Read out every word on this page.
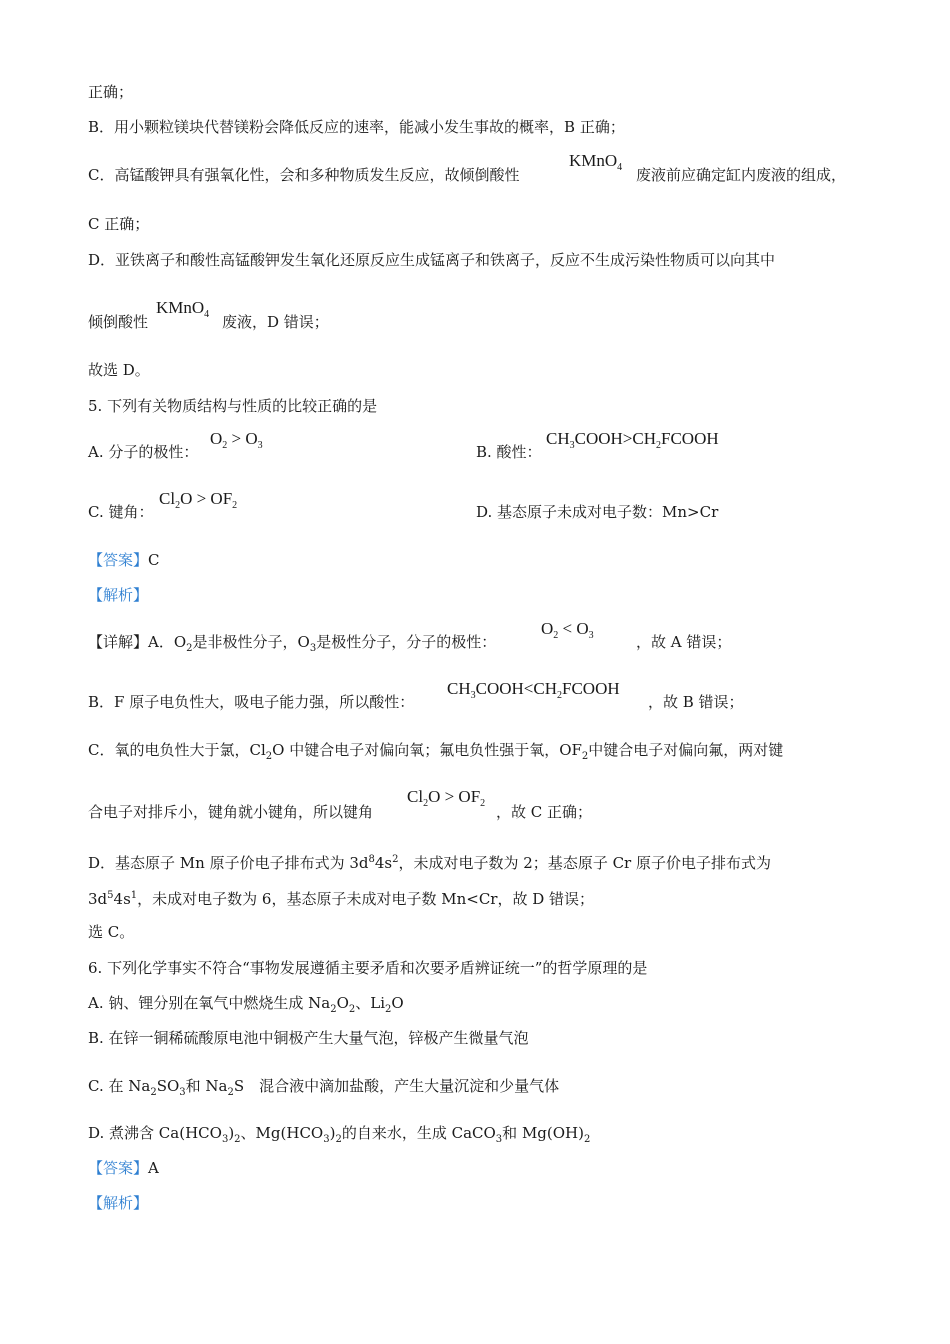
正确；
B．用小颗粒镁块代替镁粉会降低反应的速率，能减小发生事故的概率，B 正确；
C．高锰酸钾具有强氧化性，会和多种物质发生反应，故倾倒酸性
KMnO$_4$ 废液前应确定缸内废液的组成，
C 正确；
D．亚铁离子和酸性高锰酸钾发生氧化还原反应生成锰离子和铁离子，反应不生成污染性物质可以向其中
倾倒酸性
KMnO$_4$ 废液，D 错误；
故选 D。
5. 下列有关物质结构与性质的比较正确的是
A. 分子的极性：
$O_2 > O_3$	B. 酸性：
$CH_3COOH>CH_2FCOOH$
C. 键角：
$Cl_2O > OF_2$	D. 基态原子未成对电子数：Mn>Cr
【答案】C
【解析】
【详解】A．$O_2$是非极性分子，$O_3$是极性分子，分子的极性：
$O_2 < O_3$	，故 A 错误；
B．F 原子电负性大，吸电子能力强，所以酸性：
$CH_3COOH<CH_2FCOOH$
，故 B 错误；
C．氧的电负性大于氯，$Cl_2O$ 中键合电子对偏向氧；氟电负性强于氧，$OF_2$中键合电子对偏向氟，两对键
合电子对排斥小，键角就小键角，所以键角
$Cl_2O > OF_2$ ，故 C 正确；
D．基态原子 Mn 原子价电子排布式为 $3d^84s^2$，未成对电子数为 2；基态原子 Cr 原子价电子排布式为
$3d^54s^1$，未成对电子数为 6，基态原子未成对电子数 Mn<Cr，故 D 错误；
选 C。
6. 下列化学事实不符合“事物发展遵循主要矛盾和次要矛盾辨证统一”的哲学原理的是
A. 钠、锂分别在氧气中燃烧生成 $Na_2O_2$、$Li_2O$
B. 在锌一铜稀硫酸原电池中铜极产生大量气泡，锌极产生微量气泡
C. 在 $Na_2SO_3$和 $Na_2S$　混合液中滴加盐酸，产生大量沉淀和少量气体
D. 煮沸含 $Ca(HCO_3)_2$、$Mg(HCO_3)_2$的自来水，生成 CaCO$_3$和 $Mg(OH)_2$
【答案】A
【解析】
